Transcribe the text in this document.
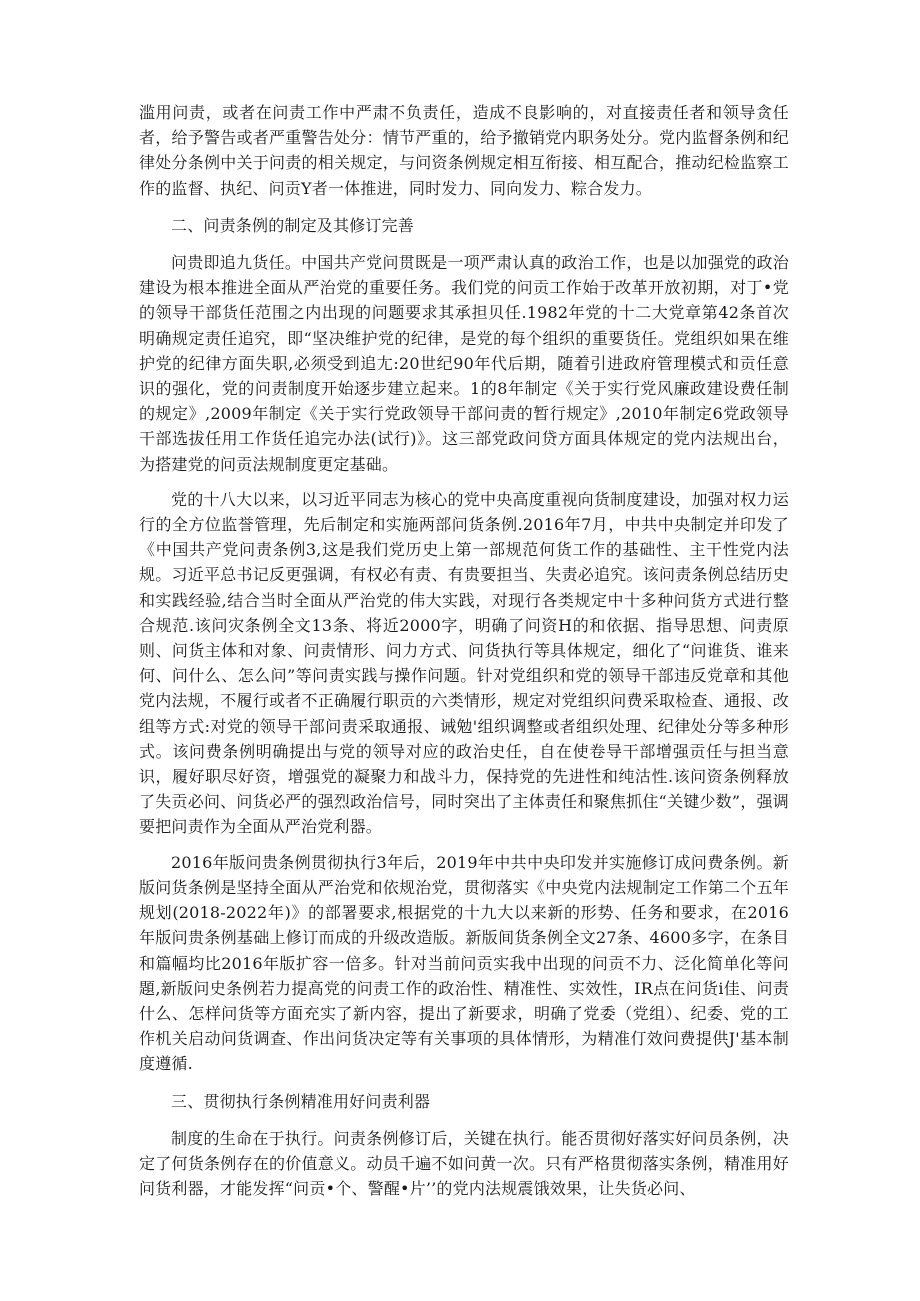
滥用问责，或者在问责工作中严肃不负责任，造成不良影响的，对直接责任者和领导贪任者，给予警告或者严重警告处分：情节严重的，给予撤销党内职务处分。党内监督条例和纪律处分条例中关于问责的相关规定，与问资条例规定相互衔接、相互配合，推动纪检监察工作的监督、执纪、问贡Y者一体推进，同时发力、同向发力、粽合发力。

二、问责条例的制定及其修订完善

问贵即追九货任。中国共产党问贯既是一项严肃认真的政治工作，也是以加强党的政治建设为根本推进全面从严治党的重要任务。我们党的问贡工作始于改革开放初期，对丁•党的领导干部货任范围之内出现的问题要求其承担贝任.1982年党的十二大党章第42条首次明确规定责任追究，即“坚决维护党的纪律，是党的每个组织的重要货任。党组织如果在维护党的纪律方面失职,必须受到追尢:20世纪90年代后期，随着引进政府管理模式和贡任意识的强化，党的问责制度开始逐步建立起来。1的8年制定《关于实行党风廉政建设费任制的规定》,2009年制定《关于实行党政领导干部问责的暂行规定》,2010年制定6党政领导干部选拔任用工作货任追完办法(试行)》。这三部党政问贷方面具体规定的党内法规出台，为搭建党的问贡法规制度更定基础。

党的十八大以来，以习近平同志为核心的党中央高度重视向货制度建设，加强对权力运行的全方位监誉管理，先后制定和实施两部问货条例.2016年7月，中共中央制定并印发了《中国共产党问责条例3,这是我们党历史上第一部规范何货工作的基础性、主干性党内法规。习近平总书记反更强调，有权必有责、有贵要担当、失责必追究。该问责条例总结历史和实践经验,结合当时全面从严治党的伟大实践，对现行各类规定中十多种问货方式进行整合规范.该问灾条例全文13条、将近2000字，明确了问资H的和依据、指导思想、问责原则、问货主体和对象、问责情形、问力方式、问货执行等具体规定，细化了“问谁货、谁来何、问什么、怎么问”等问责实践与操作问题。针对党组织和党的领导干部违反党章和其他党内法规，不履行或者不正确履行职贡的六类情形，规定对党组织问费采取检查、通报、改组等方式:对党的领导干部问责采取通报、诫勉'组织调整或者组织处理、纪律处分等多种形式。该问费条例明确提出与党的领导对应的政治史任，自在使卷导干部增强贡任与担当意识，履好职尽好资，增强党的凝聚力和战斗力，保持党的先进性和纯沽性.该问资条例释放了失贡必问、问货必严的强烈政治信号，同时突出了主体责任和聚焦抓住“关键少数”，强调要把问责作为全面从严治党利器。

2016年版问贵条例贯彻执行3年后，2019年中共中央印发并实施修订成问费条例。新版问货条例是坚持全面从严治党和依规治党，贯彻落实《中央党内法规制定工作第二个五年规划(2018-2022年)》的部署要求,根据党的十九大以来新的形势、任务和要求，在2016年版问贵条例基础上修订而成的升级改造版。新版间货条例全文27条、4600多字，在条目和篇幅均比2016年版扩容一倍多。针对当前问贡实我中出现的问贡不力、泛化简单化等问題,新版问史条例若力提高党的问责工作的政治性、精准性、实效性，IR点在问货i佳、问责什么、怎样问货等方面充实了新内容，提出了新要求，明确了党委（党组）、纪委、党的工作机关启动问货调查、作出问货决定等有关事项的具体情形，为精准仃效问费提供J'基本制度遵循.

三、贯彻执行条例精准用好问责利器

制度的生命在于执行。问责条例修订后，关键在执行。能否贯彻好落实好问员条例，决定了何货条例存在的价值意义。动员千遍不如问黄一次。只有严格贯彻落实条例，精准用好问货利器，才能发挥“问贡•个、警醒•片’’的党内法规震饿效果，让失货必问、
